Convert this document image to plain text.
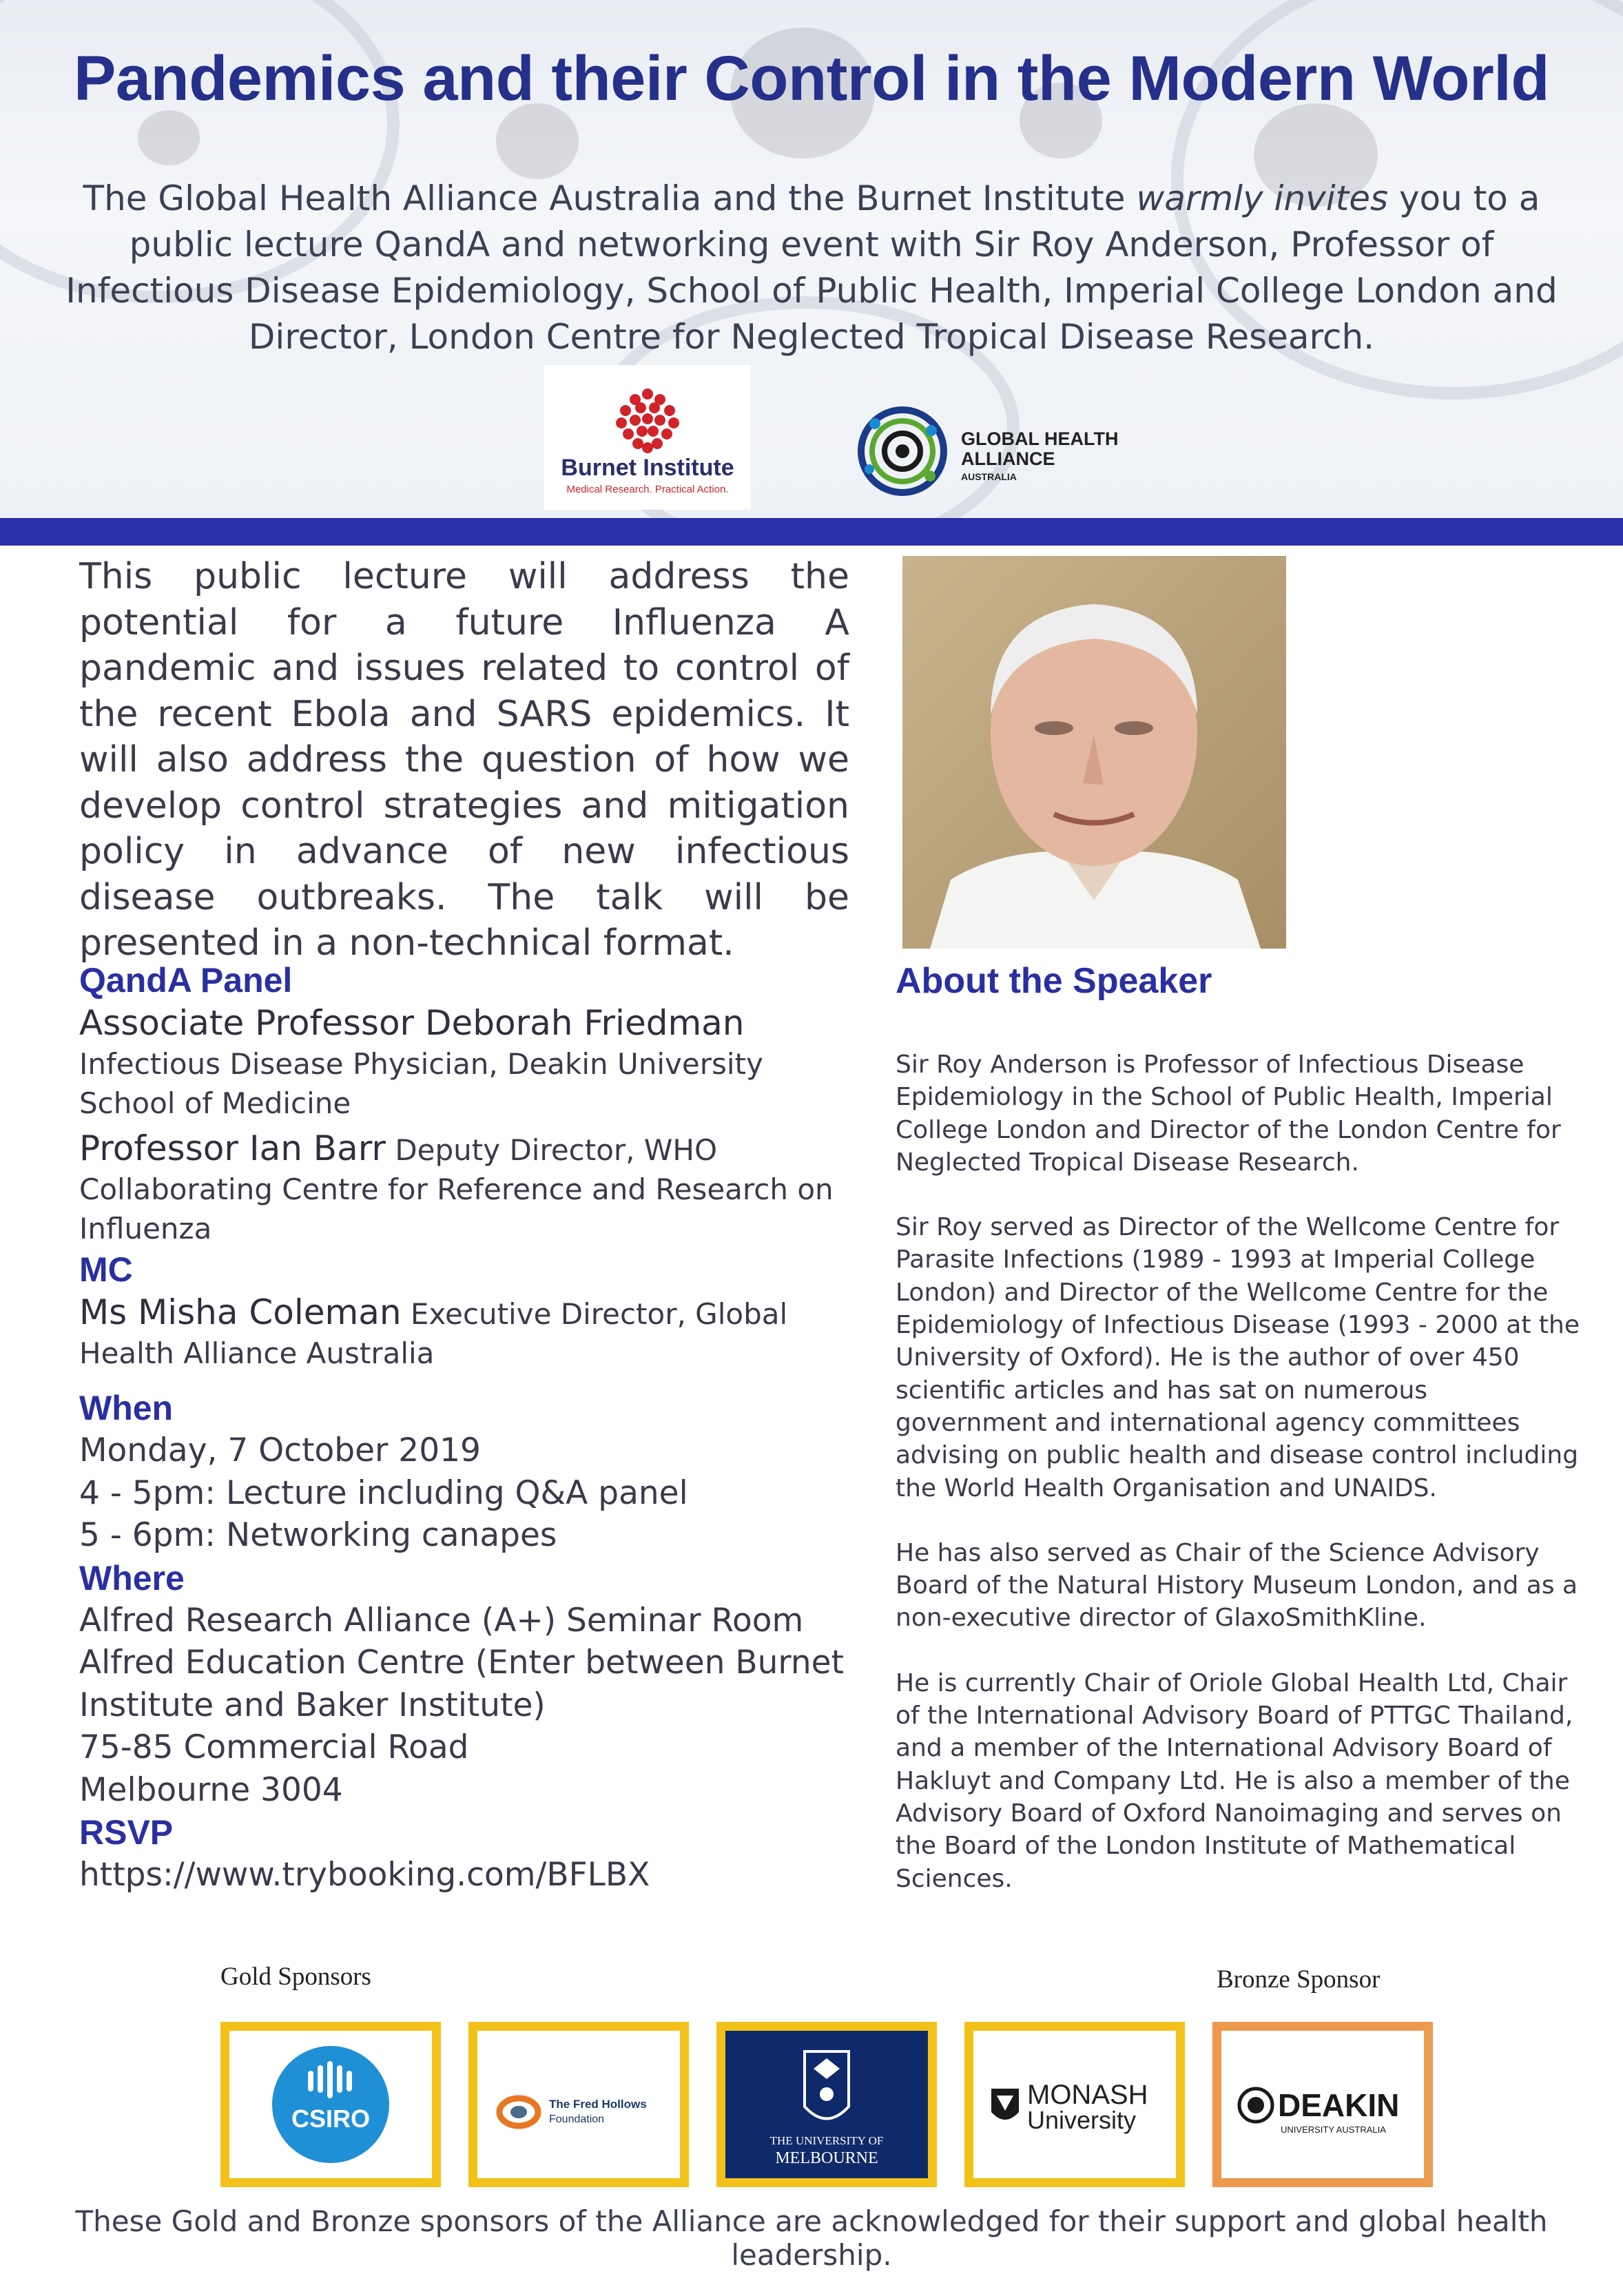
Pandemics and their Control in the Modern World
The Global Health Alliance Australia and the Burnet Institute warmly invites you to a public lecture QandA and networking event with Sir Roy Anderson, Professor of Infectious Disease Epidemiology, School of Public Health, Imperial College London and Director, London Centre for Neglected Tropical Disease Research.
Burnet Institute
Medical Research. Practical Action.
GLOBAL HEALTH
ALLIANCE
AUSTRALIA
This public lecture will address the potential for a future Influenza A pandemic and issues related to control of the recent Ebola and SARS epidemics. It will also address the question of how we develop control strategies and mitigation policy in advance of new infectious disease outbreaks. The talk will be presented in a non-technical format.
QandA Panel
Associate Professor Deborah Friedman
Infectious Disease Physician, Deakin University School of Medicine
Professor Ian Barr Deputy Director, WHO Collaborating Centre for Reference and Research on Influenza
MC
Ms Misha Coleman Executive Director, Global Health Alliance Australia
When
Monday, 7 October 2019
4 - 5pm: Lecture including Q&A panel
5 - 6pm: Networking canapes
Where
Alfred Research Alliance (A+) Seminar Room
Alfred Education Centre (Enter between Burnet Institute and Baker Institute)
75-85 Commercial Road
Melbourne 3004
RSVP
https://www.trybooking.com/BFLBX
About the Speaker

Sir Roy Anderson is Professor of Infectious Disease Epidemiology in the School of Public Health, Imperial College London and Director of the London Centre for Neglected Tropical Disease Research.

Sir Roy served as Director of the Wellcome Centre for Parasite Infections (1989 - 1993 at Imperial College London) and Director of the Wellcome Centre for the Epidemiology of Infectious Disease (1993 - 2000 at the University of Oxford). He is the author of over 450 scientific articles and has sat on numerous government and international agency committees advising on public health and disease control including the World Health Organisation and UNAIDS.

He has also served as Chair of the Science Advisory Board of the Natural History Museum London, and as a non-executive director of GlaxoSmithKline.

He is currently Chair of Oriole Global Health Ltd, Chair of the International Advisory Board of PTTGC Thailand, and a member of the International Advisory Board of Hakluyt and Company Ltd. He is also a member of the Advisory Board of Oxford Nanoimaging and serves on the Board of the London Institute of Mathematical Sciences.

Gold Sponsors	Bronze Sponsor
CSIRO
The Fred Hollows
Foundation
THE UNIVERSITY OF
MELBOURNE
MONASH
University	DEAKIN
UNIVERSITY AUSTRALIA
These Gold and Bronze sponsors of the Alliance are acknowledged for their support and global health leadership.
